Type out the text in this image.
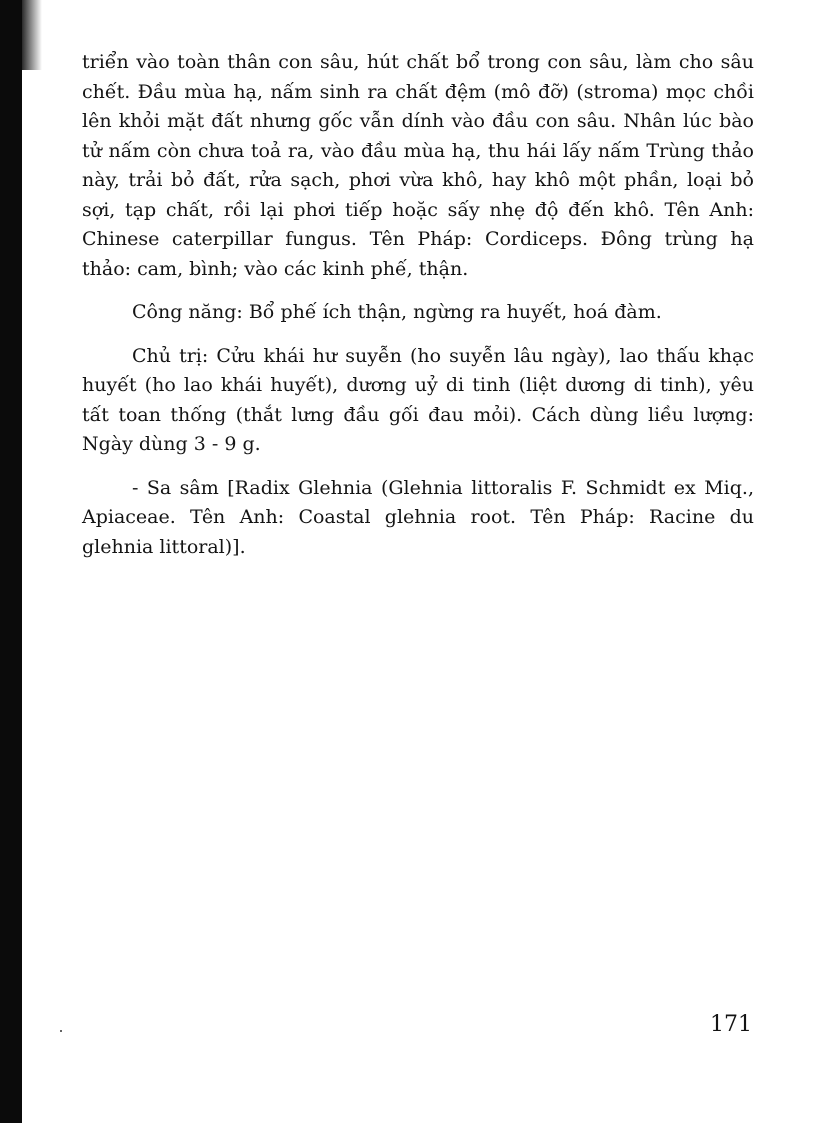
triển vào toàn thân con sâu, hút chất bổ trong con sâu, làm cho sâu chết. Đầu mùa hạ, nấm sinh ra chất đệm (mô đỡ) (stroma) mọc chồi lên khỏi mặt đất nhưng gốc vẫn dính vào đầu con sâu. Nhân lúc bào tử nấm còn chưa toả ra, vào đầu mùa hạ, thu hái lấy nấm Trùng thảo này, trải bỏ đất, rửa sạch, phơi vừa khô, hay khô một phần, loại bỏ sợi, tạp chất, rồi lại phơi tiếp hoặc sấy nhẹ độ đến khô. Tên Anh: Chinese caterpillar fungus. Tên Pháp: Cordiceps. Đông trùng hạ thảo: cam, bình; vào các kinh phế, thận.

Công năng: Bổ phế ích thận, ngừng ra huyết, hoá đàm.

Chủ trị: Cửu khái hư suyễn (ho suyễn lâu ngày), lao thấu khạc huyết (ho lao khái huyết), dương uỷ di tinh (liệt dương di tinh), yêu tất toan thống (thắt lưng đầu gối đau mỏi). Cách dùng liều lượng: Ngày dùng 3 - 9 g.

- Sa sâm [Radix Glehnia (Glehnia littoralis F. Schmidt ex Miq., Apiaceae. Tên Anh: Coastal glehnia root. Tên Pháp: Racine du glehnia littoral)].

171
